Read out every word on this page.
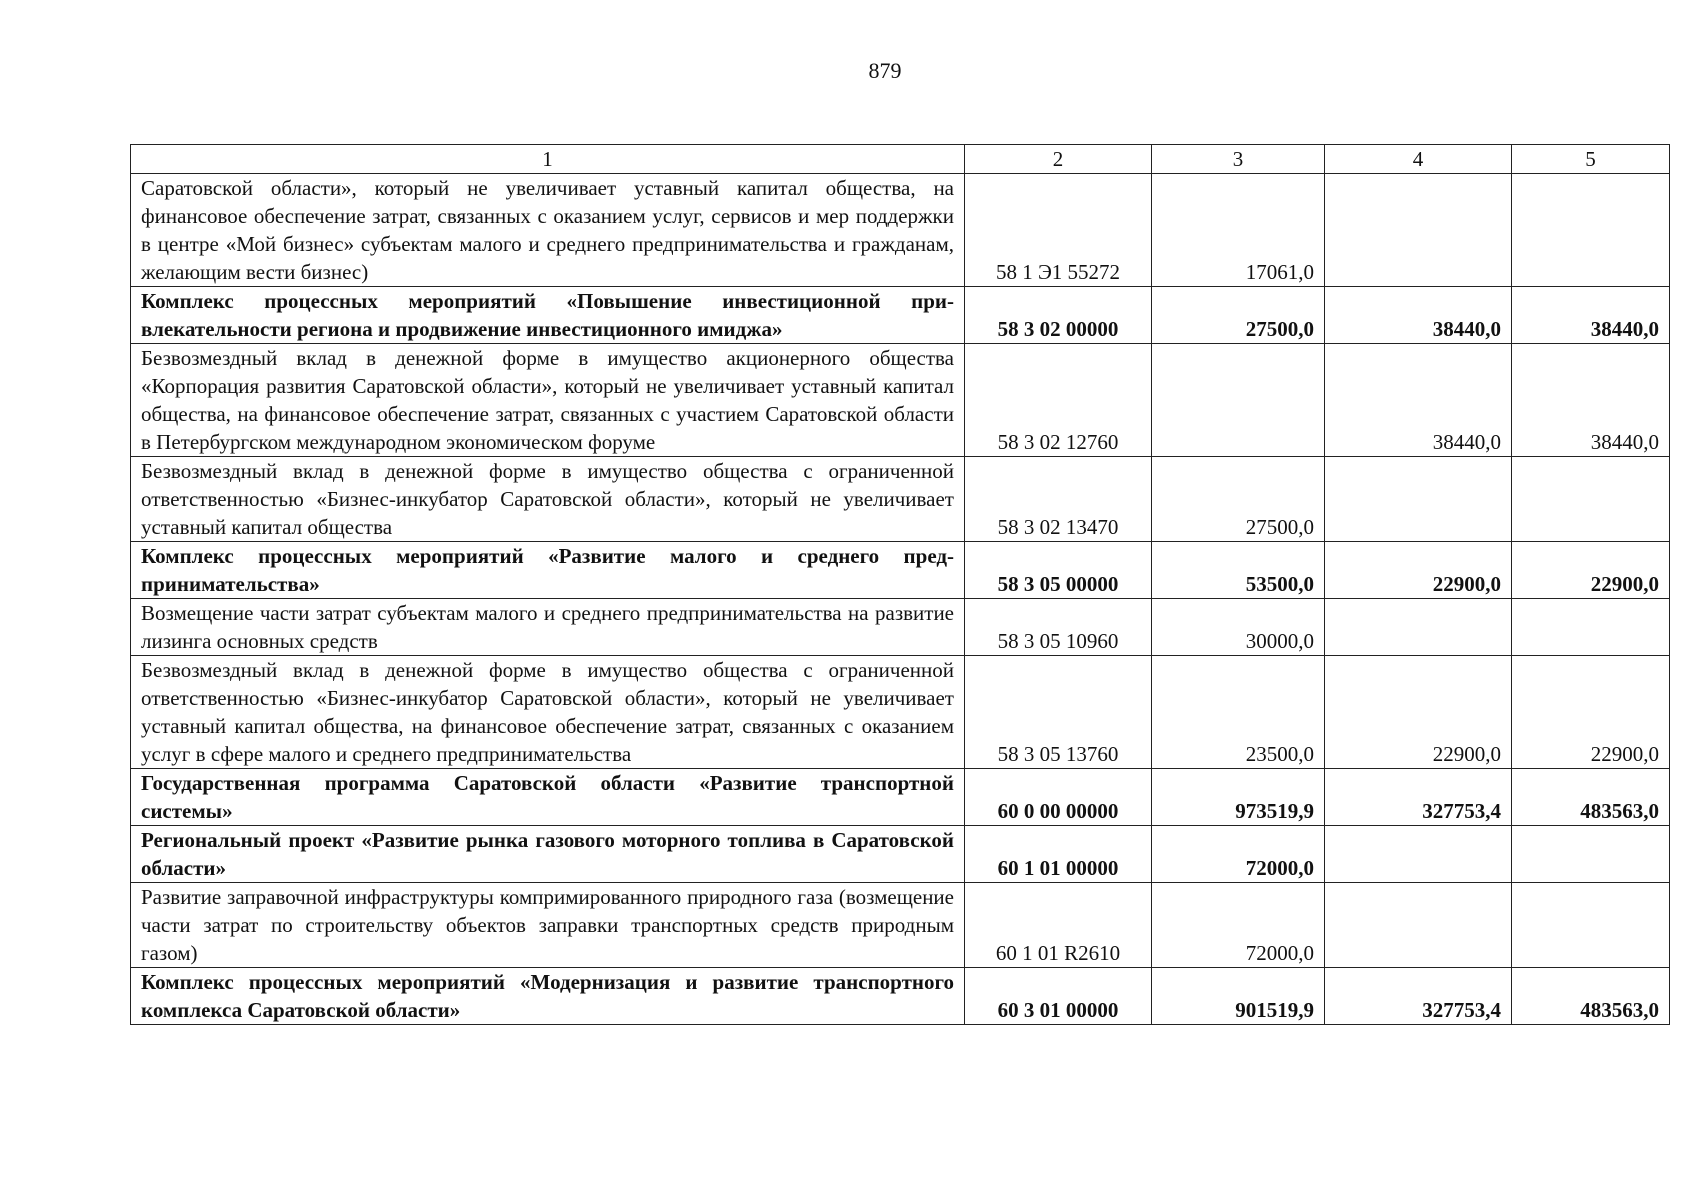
879
1	2	3	4	5
Саратовской области», который не увеличивает уставный капитал общества, на финансовое обеспечение затрат, связанных с оказанием услуг, сервисов и мер поддержки в центре «Мой бизнес» субъектам малого и среднего предпринимательства и гражданам, желающим вести бизнес)	58 1 Э1 55272	17061,0		
Комплекс процессных мероприятий «Повышение инвестиционной привлекательности региона и продвижение инвестиционного имиджа»	58 3 02 00000	27500,0	38440,0	38440,0
Безвозмездный вклад в денежной форме в имущество акционерного общества «Корпорация развития Саратовской области», который не увеличивает уставный капитал общества, на финансовое обеспечение затрат, связанных с участием Саратовской области в Петербургском международном экономическом форуме	58 3 02 12760		38440,0	38440,0
Безвозмездный вклад в денежной форме в имущество общества с ограниченной ответственностью «Бизнес-инкубатор Саратовской области», который не увеличивает уставный капитал общества	58 3 02 13470	27500,0		
Комплекс процессных мероприятий «Развитие малого и среднего предпринимательства»	58 3 05 00000	53500,0	22900,0	22900,0
Возмещение части затрат субъектам малого и среднего предпринимательства на развитие лизинга основных средств	58 3 05 10960	30000,0		
Безвозмездный вклад в денежной форме в имущество общества с ограниченной ответственностью «Бизнес-инкубатор Саратовской области», который не увеличивает уставный капитал общества, на финансовое обеспечение затрат, связанных с оказанием услуг в сфере малого и среднего предпринимательства	58 3 05 13760	23500,0	22900,0	22900,0
Государственная программа Саратовской области «Развитие транспортной системы»	60 0 00 00000	973519,9	327753,4	483563,0
Региональный проект «Развитие рынка газового моторного топлива в Саратовской области»	60 1 01 00000	72000,0		
Развитие заправочной инфраструктуры компримированного природного газа (возмещение части затрат по строительству объектов заправки транспортных средств природным газом)	60 1 01 R2610	72000,0		
Комплекс процессных мероприятий «Модернизация и развитие транспортного комплекса Саратовской области»	60 3 01 00000	901519,9	327753,4	483563,0
